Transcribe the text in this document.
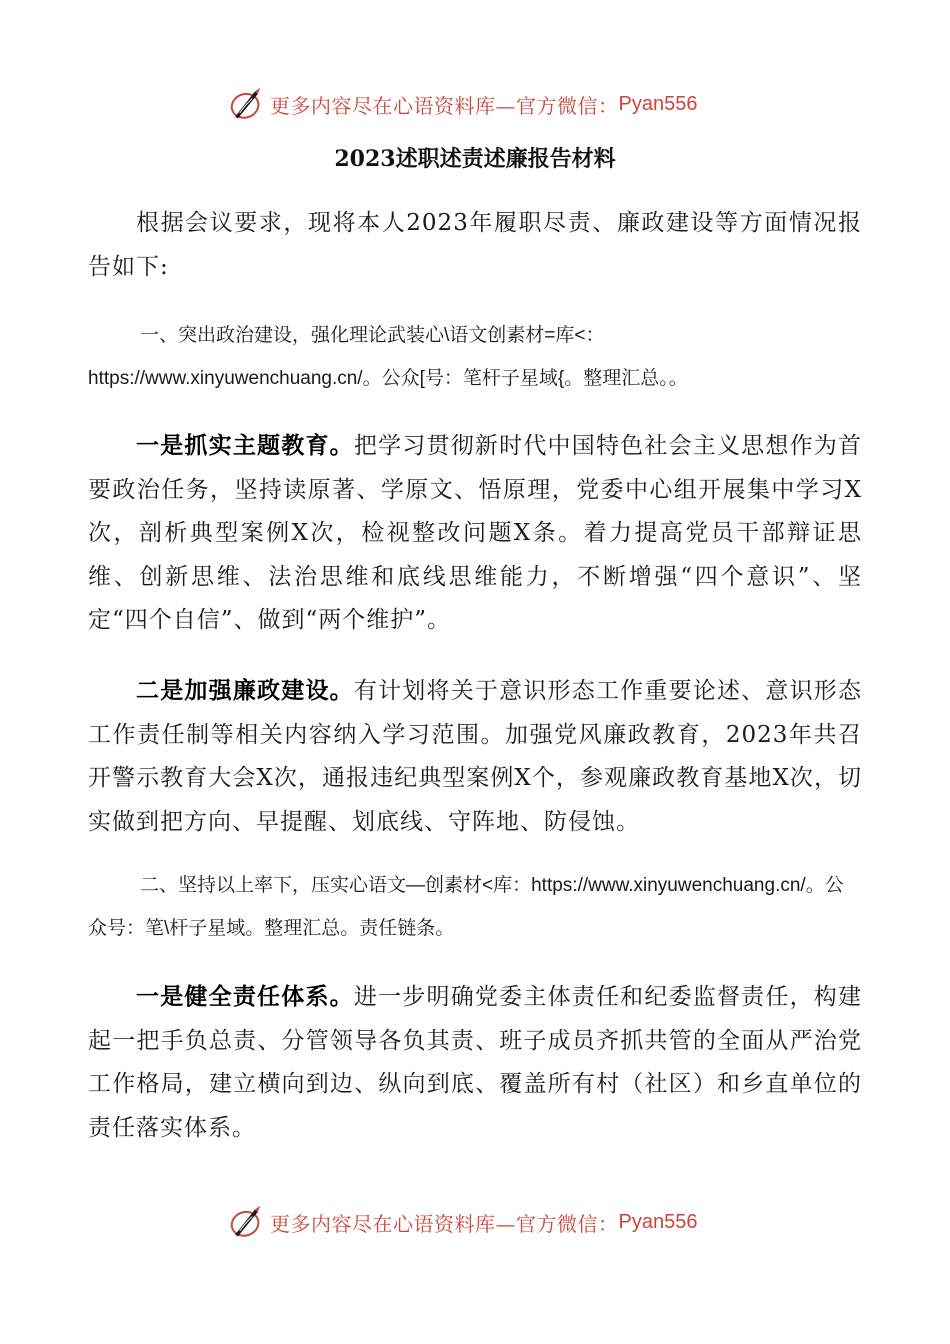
更多内容尽在心语资料库—官方微信： Pyan556
2023述职述责述廉报告材料

根据会议要求，现将本人2023年履职尽责、廉政建设等方面情况报告如下:

一、突出政治建设，强化理论武装心\语文创素材=库<：https://www.xinyuwenchuang.cn/。公众[号：笔杆子星域{。整理汇总。。

一是抓实主题教育。把学习贯彻新时代中国特色社会主义思想作为首要政治任务，坚持读原著、学原文、悟原理，党委中心组开展集中学习X次，剖析典型案例X次，检视整改问题X条。着力提高党员干部辩证思维、创新思维、法治思维和底线思维能力，不断增强“四个意识”、坚定“四个自信”、做到“两个维护”。

二是加强廉政建设。有计划将关于意识形态工作重要论述、意识形态工作责任制等相关内容纳入学习范围。加强党风廉政教育，2023年共召开警示教育大会X次，通报违纪典型案例X个，参观廉政教育基地X次，切实做到把方向、早提醒、划底线、守阵地、防侵蚀。

二、坚持以上率下，压实心语文—创素材<库：https://www.xinyuwenchuang.cn/。公众号：笔\杆子星域。整理汇总。责任链条。

一是健全责任体系。进一步明确党委主体责任和纪委监督责任，构建起一把手负总责、分管领导各负其责、班子成员齐抓共管的全面从严治党工作格局，建立横向到边、纵向到底、覆盖所有村（社区）和乡直单位的责任落实体系。

更多内容尽在心语资料库—官方微信： Pyan556
